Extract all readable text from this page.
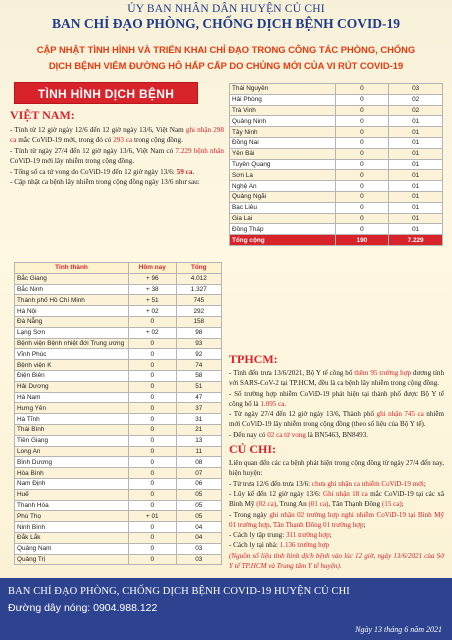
ỦY BAN NHÂN DÂN HUYỆN CỦ CHI
BAN CHỈ ĐẠO PHÒNG, CHỐNG DỊCH BỆNH COVID-19
CẬP NHẬT TÌNH HÌNH VÀ TRIỂN KHAI CHỈ ĐẠO TRONG CÔNG TÁC PHÒNG, CHỐNG
DỊCH BỆNH VIÊM ĐƯỜNG HÔ HẤP CẤP DO CHỦNG MỚI CỦA VI RÚT COVID-19
TÌNH HÌNH DỊCH BỆNH
VIỆT NAM:

- Tính từ 12 giờ ngày 12/6 đến 12 giờ ngày 13/6, Việt Nam ghi nhận 298 ca mắc CoViD-19 mới, trong đó có 293 ca trong cộng đồng.

- Tính từ ngày 27/4 đến 12 giờ ngày 13/6, Việt Nam có 7.229 bệnh nhân CoViD-19 mới lây nhiễm trong cộng đồng.

- Tổng số ca tử vong do CoViD-19 đến 12 giờ ngày 13/6: 59 ca.

- Cập nhật ca bệnh lây nhiễm trong cộng đồng ngày 13/6 như sau:

Tỉnh thành	Hôm nay	Tổng
Bắc Giang	+ 96	4.012
Bắc Ninh	+ 38	1.327
Thành phố Hồ Chí Minh	+ 51	745
Hà Nội	+ 02	292
Đà Nẵng	0	158
Lạng Sơn	+ 02	98
Bệnh viện Bệnh nhiệt đới Trung ương	0	93
Vĩnh Phúc	0	92
Bệnh viện K	0	74
Điện Biên	0	58
Hải Dương	0	51
Hà Nam	0	47
Hưng Yên	0	37
Hà Tĩnh	0	31
Thái Bình	0	21
Tiền Giang	0	13
Long An	0	11
Bình Dương	0	08
Hòa Bình	0	07
Nam Định	0	06
Huế	0	05
Thanh Hóa	0	05
Phú Thọ	+ 01	05
Ninh Bình	0	04
Đắk Lắk	0	04
Quảng Nam	0	03
Quảng Trị	0	03
Thái Nguyên	0	03
Hải Phòng	0	02
Trà Vinh	0	02
Quảng Ninh	0	01
Tây Ninh	0	01
Đồng Nai	0	01
Yên Bái	0	01
Tuyên Quang	0	01
Sơn La	0	01
Nghệ An	0	01
Quảng Ngãi	0	01
Bạc Liêu	0	01
Gia Lai	0	01
Đồng Tháp	0	01
Tổng cộng	190	7.229
TPHCM:

- Tính đến trưa 13/6/2021, Bộ Y tế công bố thêm 95 trường hợp dương tính với SARS-CoV-2 tại TP.HCM, đều là ca bệnh lây nhiễm trong cộng đồng.

- Số trường hợp nhiễm CoViD-19 phát hiện tại thành phố được Bộ Y tế công bố là 1.095 ca.

- Từ ngày 27/4 đến 12 giờ ngày 13/6, Thành phố ghi nhận 745 ca nhiễm mới CoViD-19 lây nhiễm trong cộng đồng (theo số liệu của Bộ Y tế).

- Đến nay có 02 ca tử vong là BN5463, BN8493.

CỦ CHI:

Liên quan đến các ca bệnh phát hiện trong cộng đồng từ ngày 27/4 đến nay, hiện huyện:

- Từ trưa 12/6 đến trưa 13/6: chưa ghi nhận ca nhiễm CoViD-19 mới;

- Lũy kế đến 12 giờ ngày 13/6: Ghi nhận 18 ca mắc CoViD-19 tại các xã Bình Mỹ (02 ca), Trung An (01 ca), Tân Thạnh Đông (15 ca);

- Trong ngày ghi nhận 02 trường hợp nghi nhiễm CoViD-19 tại Bình Mỹ 01 trường hợp, Tân Thạnh Đông 01 trường hợp;

- Cách ly tập trung: 311 trường hợp;

- Cách ly tại nhà: 1.136 trường hợp

(Nguồn số liệu tình hình dịch bệnh vào lúc 12 giờ, ngày 13/6/2021 của Sở Y tế TP.HCM và Trung tâm Y tế huyện).

BAN CHỈ ĐẠO PHÒNG, CHỐNG DỊCH BỆNH COVID-19 HUYỆN CỦ CHI
Đường dây nóng: 0904.988.122
Ngày 13 tháng 6 năm 2021
